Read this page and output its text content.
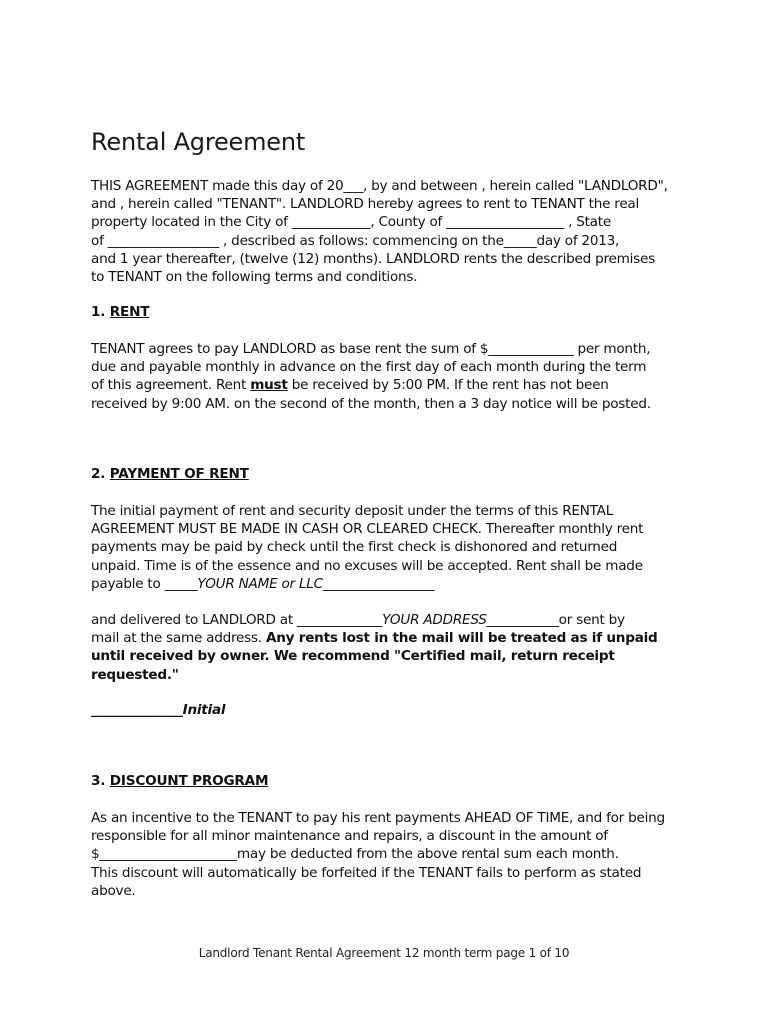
Rental Agreement
THIS AGREEMENT made this day of 20___, by and between , herein called "LANDLORD",
and , herein called "TENANT". LANDLORD hereby agrees to rent to TENANT the real
property located in the City of ____________, County of __________________ , State
of _________________ , described as follows: commencing on the_____day of 2013,
and 1 year thereafter, (twelve (12) months). LANDLORD rents the described premises
to TENANT on the following terms and conditions.
1. RENT
TENANT agrees to pay LANDLORD as base rent the sum of $_____________ per month,
due and payable monthly in advance on the first day of each month during the term
of this agreement. Rent must be received by 5:00 PM. If the rent has not been
received by 9:00 AM. on the second of the month, then a 3 day notice will be posted.
2. PAYMENT OF RENT
The initial payment of rent and security deposit under the terms of this RENTAL
AGREEMENT MUST BE MADE IN CASH OR CLEARED CHECK. Thereafter monthly rent
payments may be paid by check until the first check is dishonored and returned
unpaid. Time is of the essence and no excuses will be accepted. Rent shall be made
payable to _____YOUR NAME or LLC_________________
and delivered to LANDLORD at _____________YOUR ADDRESS___________or sent by
mail at the same address. Any rents lost in the mail will be treated as if unpaid
until received by owner. We recommend "Certified mail, return receipt
requested."
______________Initial
3. DISCOUNT PROGRAM
As an incentive to the TENANT to pay his rent payments AHEAD OF TIME, and for being
responsible for all minor maintenance and repairs, a discount in the amount of
$_____________________may be deducted from the above rental sum each month.
This discount will automatically be forfeited if the TENANT fails to perform as stated
above.
Landlord Tenant Rental Agreement 12 month term page 1 of 10
